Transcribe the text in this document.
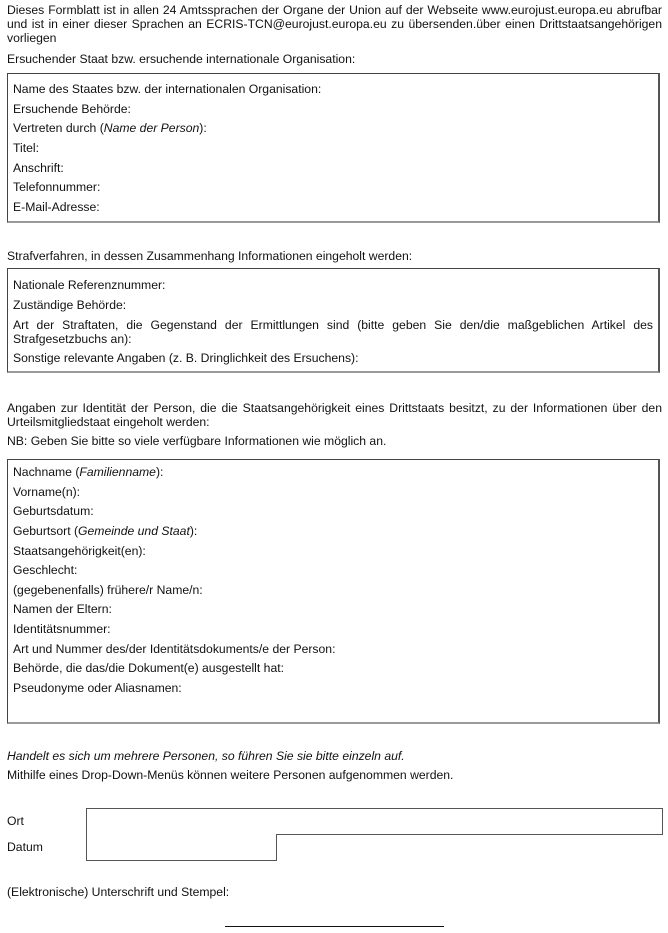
Dieses Formblatt ist in allen 24 Amtssprachen der Organe der Union auf der Webseite www.eurojust.europa.eu abrufbar und ist in einer dieser Sprachen an ECRIS-TCN@eurojust.europa.eu zu übersenden.über einen Drittstaatsangehörigen vorliegen
Ersuchender Staat bzw. ersuchende internationale Organisation:
Name des Staates bzw. der internationalen Organisation:
Ersuchende Behörde:
Vertreten durch (Name der Person):
Titel:
Anschrift:
Telefonnummer:
E-Mail-Adresse:
Strafverfahren, in dessen Zusammenhang Informationen eingeholt werden:
Nationale Referenznummer:
Zuständige Behörde:
Art der Straftaten, die Gegenstand der Ermittlungen sind (bitte geben Sie den/die maßgeblichen Artikel des Strafgesetzbuchs an):
Sonstige relevante Angaben (z. B. Dringlichkeit des Ersuchens):
Angaben zur Identität der Person, die die Staatsangehörigkeit eines Drittstaats besitzt, zu der Informationen über den Urteilsmitgliedstaat eingeholt werden:
NB: Geben Sie bitte so viele verfügbare Informationen wie möglich an.
Nachname (Familienname):
Vorname(n):
Geburtsdatum:
Geburtsort (Gemeinde und Staat):
Staatsangehörigkeit(en):
Geschlecht:
(gegebenenfalls) frühere/r Name/n:
Namen der Eltern:
Identitätsnummer:
Art und Nummer des/der Identitätsdokuments/e der Person:
Behörde, die das/die Dokument(e) ausgestellt hat:
Pseudonyme oder Aliasnamen:
Handelt es sich um mehrere Personen, so führen Sie sie bitte einzeln auf.
Mithilfe eines Drop-Down-Menüs können weitere Personen aufgenommen werden.
Ort
Datum
(Elektronische) Unterschrift und Stempel:
